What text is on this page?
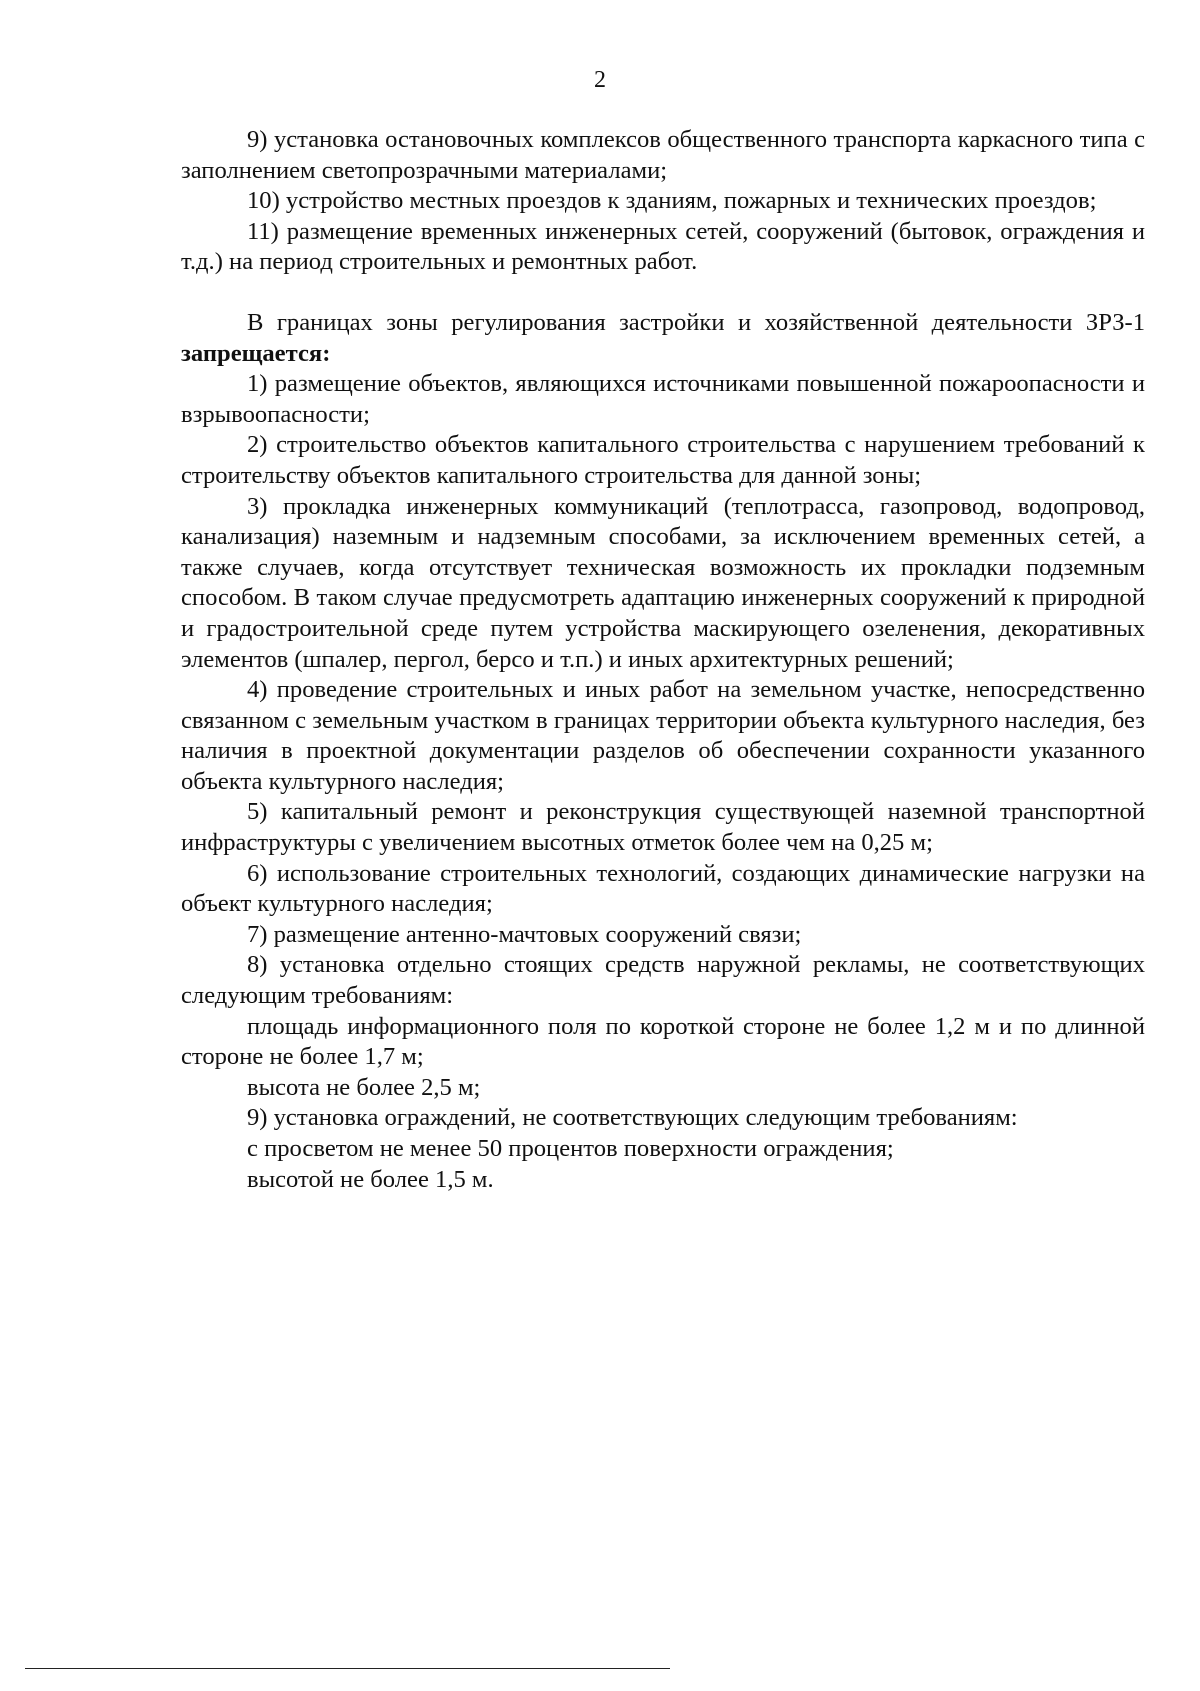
2

9) установка остановочных комплексов общественного транспорта каркасного типа с заполнением светопрозрачными материалами;

10) устройство местных проездов к зданиям, пожарных и технических проездов;

11) размещение временных инженерных сетей, сооружений (бытовок, ограждения и т.д.) на период строительных и ремонтных работ.

В границах зоны регулирования застройки и хозяйственной деятельности ЗРЗ-1 запрещается:

1) размещение объектов, являющихся источниками повышенной пожароопасности и взрывоопасности;

2) строительство объектов капитального строительства с нарушением требований к строительству объектов капитального строительства для данной зоны;

3) прокладка инженерных коммуникаций (теплотрасса, газопровод, водопровод, канализация) наземным и надземным способами, за исключением временных сетей, а также случаев, когда отсутствует техническая возможность их прокладки подземным способом. В таком случае предусмотреть адаптацию инженерных сооружений к природной и градостроительной среде путем устройства маскирующего озеленения, декоративных элементов (шпалер, пергол, берсо и т.п.) и иных архитектурных решений;

4) проведение строительных и иных работ на земельном участке, непосредственно связанном с земельным участком в границах территории объекта культурного наследия, без наличия в проектной документации разделов об обеспечении сохранности указанного объекта культурного наследия;

5) капитальный ремонт и реконструкция существующей наземной транспортной инфраструктуры с увеличением высотных отметок более чем на 0,25 м;

6) использование строительных технологий, создающих динамические нагрузки на объект культурного наследия;

7) размещение антенно-мачтовых сооружений связи;

8) установка отдельно стоящих средств наружной рекламы, не соответствующих следующим требованиям:

площадь информационного поля по короткой стороне не более 1,2 м и по длинной стороне не более 1,7 м;

высота не более 2,5 м;

9) установка ограждений, не соответствующих следующим требованиям:

с просветом не менее 50 процентов поверхности ограждения;

высотой не более 1,5 м.
